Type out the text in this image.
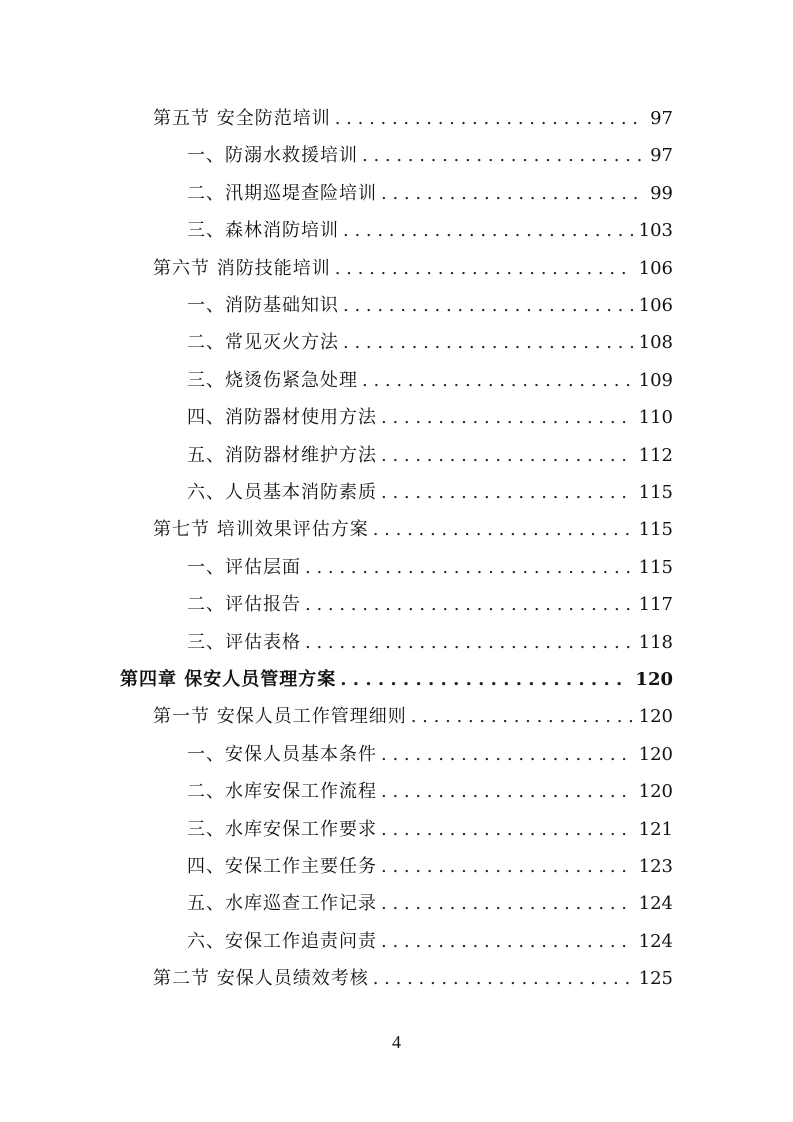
第五节 安全防范培训 . . .	97
一、防溺水救援培训 . . .	97
二、汛期巡堤查险培训 . . .	99
三、森林消防培训 . . .	103
第六节 消防技能培训 . . .	106
一、消防基础知识 . . .	106
二、常见灭火方法 . . .	108
三、烧烫伤紧急处理 . . .	109
四、消防器材使用方法 . . .	110
五、消防器材维护方法 . . .	112
六、人员基本消防素质 . . .	115
第七节 培训效果评估方案 . . .	115
一、评估层面 . . .	115
二、评估报告 . . .	117
三、评估表格 . . .	118
第四章 保安人员管理方案 . . .	120
第一节 安保人员工作管理细则 . . .	120
一、安保人员基本条件 . . .	120
二、水库安保工作流程 . . .	120
三、水库安保工作要求 . . .	121
四、安保工作主要任务 . . .	123
五、水库巡查工作记录 . . .	124
六、安保工作追责问责 . . .	124
第二节 安保人员绩效考核 . . .	125
4
